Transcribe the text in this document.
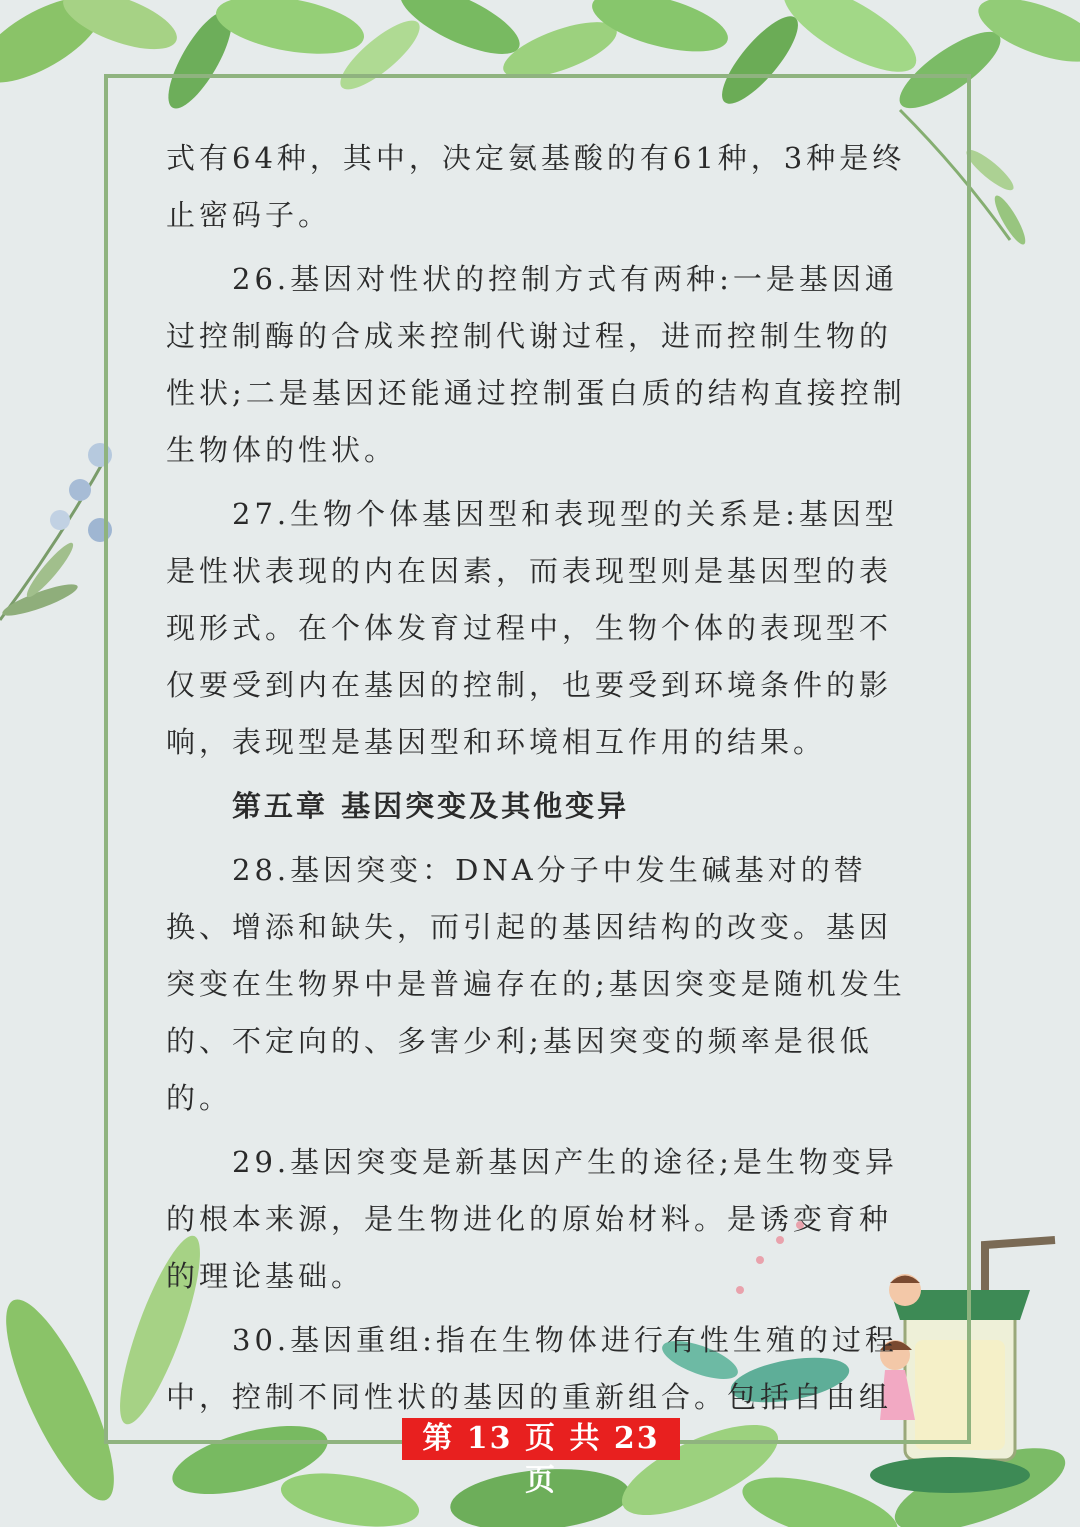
式有64种，其中，决定氨基酸的有61种，3种是终止密码子。

26.基因对性状的控制方式有两种:一是基因通过控制酶的合成来控制代谢过程，进而控制生物的性状;二是基因还能通过控制蛋白质的结构直接控制生物体的性状。

27.生物个体基因型和表现型的关系是:基因型是性状表现的内在因素，而表现型则是基因型的表现形式。在个体发育过程中，生物个体的表现型不仅要受到内在基因的控制，也要受到环境条件的影响，表现型是基因型和环境相互作用的结果。

第五章 基因突变及其他变异

28.基因突变：DNA分子中发生碱基对的替换、增添和缺失，而引起的基因结构的改变。基因突变在生物界中是普遍存在的;基因突变是随机发生的、不定向的、多害少利;基因突变的频率是很低的。

29.基因突变是新基因产生的途径;是生物变异的根本来源，是生物进化的原始材料。是诱变育种的理论基础。

30.基因重组:指在生物体进行有性生殖的过程中，控制不同性状的基因的重新组合。包括自由组

第 13 页 共 23 页
